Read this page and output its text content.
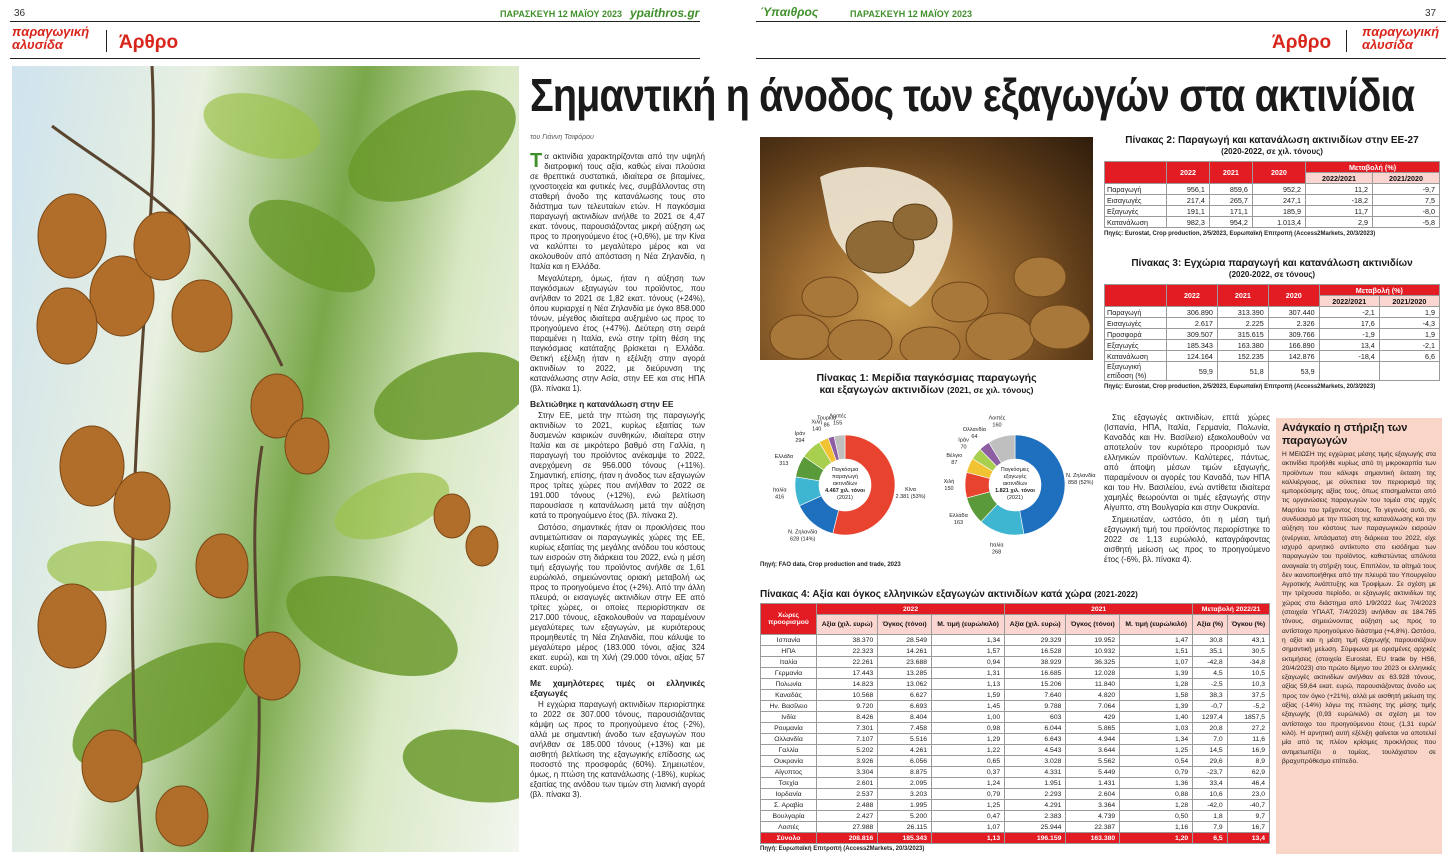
36	ΠΑΡΑΣΚΕΥΗ 12 ΜΑΪΟΥ 2023 ypaithros.gr
παραγωγική
αλυσίδα	Άρθρο
Ύπαιθρος	ΠΑΡΑΣΚΕΥΗ 12 ΜΑΪΟΥ 2023	37
Άρθρο
παραγωγική
αλυσίδα
Σημαντική η άνοδος των εξαγωγών στα ακτινίδια
του Γιάννη Τσιφόρου

Τα ακτινίδια χαρακτηρίζονται από την υψηλή διατροφική τους αξία, καθώς είναι πλούσια σε θρεπτικά συστατικά, ιδιαίτερα σε βιταμίνες, ιχνοστοιχεία και φυτικές ίνες, συμβάλλοντας στη σταθερή άνοδο της κατανάλωσης τους στο διάστημα των τελευταίων ετών. Η παγκόσμια παραγωγή ακτινιδίων ανήλθε το 2021 σε 4,47 εκατ. τόνους, παρουσιάζοντας μικρή αύξηση ως προς το προηγούμενο έτος (+0,6%), με την Κίνα να καλύπτει το μεγαλύτερο μέρος και να ακολουθούν από απόσταση η Νέα Ζηλανδία, η Ιταλία και η Ελλάδα.

Μεγαλύτερη, όμως, ήταν η αύξηση των παγκόσμιων εξαγωγών του προϊόντος, που ανήλθαν το 2021 σε 1,82 εκατ. τόνους (+24%), όπου κυριαρχεί η Νέα Ζηλανδία με όγκο 858.000 τόνων, μέγεθος ιδιαίτερα αυξημένο ως προς το προηγούμενο έτος (+47%). Δεύτερη στη σειρά παραμένει η Ιταλία, ενώ στην τρίτη θέση της παγκόσμιας κατάταξης βρίσκεται η Ελλάδα. Θετική εξέλιξη ήταν η εξέλιξη στην αγορά ακτινιδίων το 2022, με διεύρυνση της κατανάλωσης στην Ασία, στην ΕΕ και στις ΗΠΑ (βλ. πίνακα 1).

Βελτιώθηκε η κατανάλωση στην ΕΕ

Στην ΕΕ, μετά την πτώση της παραγωγής ακτινιδίων το 2021, κυρίως εξαιτίας των δυσμενών καιρικών συνθηκών, ιδιαίτερα στην Ιταλία και σε μικρότερο βαθμό στη Γαλλία, η παραγωγή του προϊόντος ανέκαμψε το 2022, ανερχόμενη σε 956.000 τόνους (+11%). Σημαντική, επίσης, ήταν η άνοδος των εξαγωγών προς τρίτες χώρες που ανήλθαν το 2022 σε 191.000 τόνους (+12%), ενώ βελτίωση παρουσίασε η κατανάλωση μετά την αύξηση κατά το προηγούμενο έτος (βλ. πίνακα 2).

Ωστόσο, σημαντικές ήταν οι προκλήσεις που αντιμετώπισαν οι παραγωγικές χώρες της ΕΕ, κυρίως εξαιτίας της μεγάλης ανόδου του κόστους των εισροών στη διάρκεια του 2022, ενώ η μέση τιμή εξαγωγής του προϊόντος ανήλθε σε 1,61 ευρώ/κιλό, σημειώνοντας οριακή μεταβολή ως προς το προηγούμενο έτος (+2%). Από την άλλη πλευρά, οι εισαγωγές ακτινιδίων στην ΕΕ από τρίτες χώρες, οι οποίες περιορίστηκαν σε 217.000 τόνους, εξακολουθούν να παραμένουν μεγαλύτερες των εξαγωγών, με κυριότερους προμηθευτές τη Νέα Ζηλανδία, που κάλυψε το μεγαλύτερο μέρος (183.000 τόνοι, αξίας 324 εκατ. ευρώ), και τη Χιλή (29.000 τόνοι, αξίας 57 εκατ. ευρώ).

Με χαμηλότερες τιμές οι ελληνικές εξαγωγές

Η εγχώρια παραγωγή ακτινιδίων περιορίστηκε το 2022 σε 307.000 τόνους, παρουσιάζοντας κάμψη ως προς το προηγούμενο έτος (-2%), αλλά με σημαντική άνοδο των εξαγωγών που ανήλθαν σε 185.000 τόνους (+13%) και με αισθητή βελτίωση της εξαγωγικής επίδοσης ως ποσοστό της προσφοράς (60%). Σημειωτέον, όμως, η πτώση της κατανάλωσης (-18%), κυρίως εξαιτίας της ανόδου των τιμών στη λιανική αγορά (βλ. πίνακα 3).

Πίνακας 1: Μερίδια παγκόσμιας παραγωγής
και εξαγωγών ακτινιδίων (2021, σε χιλ. τόνους)
Κίνα
2.381 (53%)
Ν. Ζηλανδία
628 (14%)
Ιταλία
416
Ελλάδα
313
Ιράν
294
Χιλή
140
Τουρκία
86
Λοιπές
155
Παγκόσμια
παραγωγή
ακτινιδίων
4.467 χιλ. τόνοι
(2021)
Ν. Ζηλανδία
858 (52%)
Ιταλία
268
Ελλάδα
163
Χιλή
150
Βέλγιο
87
Ιράν
70
Ολλανδία
64
Λοιπές
160
Παγκόσμιες
εξαγωγές
ακτινιδίων
1.821 χιλ. τόνοι
(2021)
Πηγή: FAO data, Crop production and trade, 2023
Πίνακας 2: Παραγωγή και κατανάλωση ακτινιδίων στην ΕΕ-27
(2020-2022, σε χιλ. τόνους)
	2022	2021	2020	Μεταβολή (%)	
				2022/2021	2021/2020
Παραγωγή	956,1	859,6	952,2	11,2	-9,7
Εισαγωγές	217,4	265,7	247,1	-18,2	7,5
Εξαγωγές	191,1	171,1	185,9	11,7	-8,0
Κατανάλωση	982,3	954,2	1.013,4	2,9	-5,8
Πηγές: Eurostat, Crop production, 2/5/2023, Ευρωπαϊκή Επιτροπή (Access2Markets, 20/3/2023)
Πίνακας 3: Εγχώρια παραγωγή και κατανάλωση ακτινιδίων
(2020-2022, σε τόνους)
	2022	2021	2020	Μεταβολή (%)	
				2022/2021	2021/2020
Παραγωγή	306.890	313.390	307.440	-2,1	1,9
Εισαγωγές	2.617	2.225	2.326	17,6	-4,3
Προσφορά	309.507	315.615	309.766	-1,9	1,9
Εξαγωγές	185.343	163.380	166.890	13,4	-2,1
Κατανάλωση	124.164	152.235	142.876	-18,4	6,6
Εξαγωγική επίδοση (%)	59,9	51,8	53,9		
Πηγές: Eurostat, Crop production, 2/5/2023, Ευρωπαϊκή Επιτροπή (Access2Markets, 20/3/2023)

Στις εξαγωγές ακτινιδίων, επτά χώρες (Ισπανία, ΗΠΑ, Ιταλία, Γερμανία, Πολωνία, Καναδάς και Ην. Βασίλειο) εξακολουθούν να αποτελούν τον κυριότερο προορισμό των ελληνικών προϊόντων. Καλύτερες, πάντως, από άποψη μέσων τιμών εξαγωγής, παραμένουν οι αγορές του Καναδά, των ΗΠΑ και του Ην. Βασιλείου, ενώ αντίθετα ιδιαίτερα χαμηλές θεωρούνται οι τιμές εξαγωγής στην Αίγυπτο, στη Βουλγαρία και στην Ουκρανία.

Σημειωτέαν, ωστόσο, ότι η μέση τιμή εξαγωγική τιμή του προϊόντος περιορίστηκε το 2022 σε 1,13 ευρώ/κιλό, καταγράφοντας αισθητή μείωση ως προς το προηγούμενο έτος (-6%, βλ. πίνακα 4).

Ανάγκαίο η στήριξη των παραγωγών
Η ΜΕΙΩΣΗ της εγχώριας μέσης τιμής εξαγωγής στα ακτινίδια προήλθε κυρίως από τη μικροκαρπία των προϊόντων που κάλυψε σημαντική έκταση της καλλιέργειας, με σύνεπεια τον περιορισμό της εμπορεύσιμης αξίας τους, όπως επισημαίνεται από τις οργανώσεις παραγωγών του τομέα στις αρχές Μαρτίου του τρέχοντος έτους. Το γεγονός αυτό, σε συνδυασμό με την πτώση της κατανάλωσης και την αύξηση του κόστους των παραγωγικών εισροών (ενέργεια, λιπάσματα) στη διάρκεια του 2022, είχε ισχυρό αρνητικό αντίκτυπο στο εισόδημα των παραγωγών του προϊόντος, καθιστώντας απόλυτα αναγκαία τη στήριξη τους. Επιπλέον, τα αίτημά τους δεν ικανοποιήθηκε από την πλευρά του Υπουργείου Αγροτικής Ανάπτυξης και Τροφίμων. Σε σχέση με την τρέχουσα περίοδο, οι εξαγωγές ακτινιδίων της χώρας στο διάστημα από 1/9/2022 έως 7/4/2023 (στοιχεία ΥΠΑΑΤ, 7/4/2023) ανήλθαν σε 184.765 τόνους, σημειώνοντας αύξηση ως προς το αντίστοιχο προηγούμενο διάστημα (+4,8%). Ωστόσο, η αξία και η μέση τιμή εξαγωγής παρουσιάζουν σημαντική μείωση. Σύμφωνα με ορισμένες αρχικές εκτιμήσεις (στοιχεία Eurostat, EU trade by HS6, 20/4/2023) στο πρώτο δίμηνο του 2023 οι ελληνικές εξαγωγές ακτινιδίων ανήλθαν σε 63.928 τόνους, αξίας 59,64 εκατ. ευρώ, παρουσιάζοντας άνοδο ως προς τον όγκο (+21%), αλλά με αισθητή μείωση της αξίας (-14%) λόγω της πτώσης της μέσης τιμής εξαγωγής (0,93 ευρώ/κιλό) σε σχέση με τον αντίστοιχο του προηγούμενου έτους (1,31 ευρώ/κιλό). Η αρνητική αυτή εξέλιξη φαίνεται να αποτελεί μία από τις πλέον κρίσιμες προκλήσεις που αντιμετωπίζει ο τομέας, τουλάχιστον σε βραχυπρόθεσμο επίπεδο.
Πίνακας 4: Αξία και όγκος ελληνικών εξαγωγών ακτινιδίων κατά χώρα (2021-2022)
Χώρες προορισμού	2022			2021			Μεταβολή 2022/21	
	Αξία (χιλ. ευρώ)	Όγκος (τόνοι)	Μ. τιμή (ευρώ/κιλό)	Αξία (χιλ. ευρώ)	Όγκος (τόνοι)	Μ. τιμή (ευρώ/κιλό)	Αξία (%)	Όγκου (%)
Ισπανία	38.370	28.549	1,34	29.329	19.952	1,47	30,8	43,1
ΗΠΑ	22.323	14.261	1,57	16.528	10.932	1,51	35,1	30,5
Ιταλία	22.261	23.688	0,94	38.929	36.325	1,07	-42,8	-34,8
Γερμανία	17.443	13.285	1,31	16.685	12.028	1,39	4,5	10,5
Πολωνία	14.823	13.062	1,13	15.206	11.840	1,28	-2,5	10,3
Καναδάς	10.568	6.627	1,59	7.640	4.820	1,58	38,3	37,5
Ην. Βασίλειο	9.720	6.693	1,45	9.788	7.064	1,39	-0,7	-5,2
Ινδία	8.426	8.404	1,00	603	429	1,40	1297,4	1857,5
Ρουμανία	7.301	7.458	0,98	6.044	5.865	1,03	20,8	27,2
Ολλανδία	7.107	5.516	1,29	6.643	4.944	1,34	7,0	11,6
Γαλλία	5.202	4.261	1,22	4.543	3.644	1,25	14,5	16,9
Ουκρανία	3.926	6.056	0,65	3.028	5.562	0,54	29,6	8,9
Αίγυπτος	3.304	8.875	0,37	4.331	5.449	0,79	-23,7	62,9
Τσεχία	2.601	2.095	1,24	1.951	1.431	1,36	33,4	46,4
Ιορδανία	2.537	3.203	0,79	2.293	2.604	0,88	10,6	23,0
Σ. Αραβία	2.488	1.995	1,25	4.291	3.364	1,28	-42,0	-40,7
Βουλγαρία	2.427	5.200	0,47	2.383	4.739	0,50	1,8	9,7
Λοιπές	27.988	26.115	1,07	25.944	22.387	1,16	7,9	16,7
Σύνολο	208.816	185.343	1,13	196.159	163.380	1,20	6,5	13,4
Πηγή: Ευρωπαϊκή Επιτροπή (Access2Markets, 20/3/2023)
